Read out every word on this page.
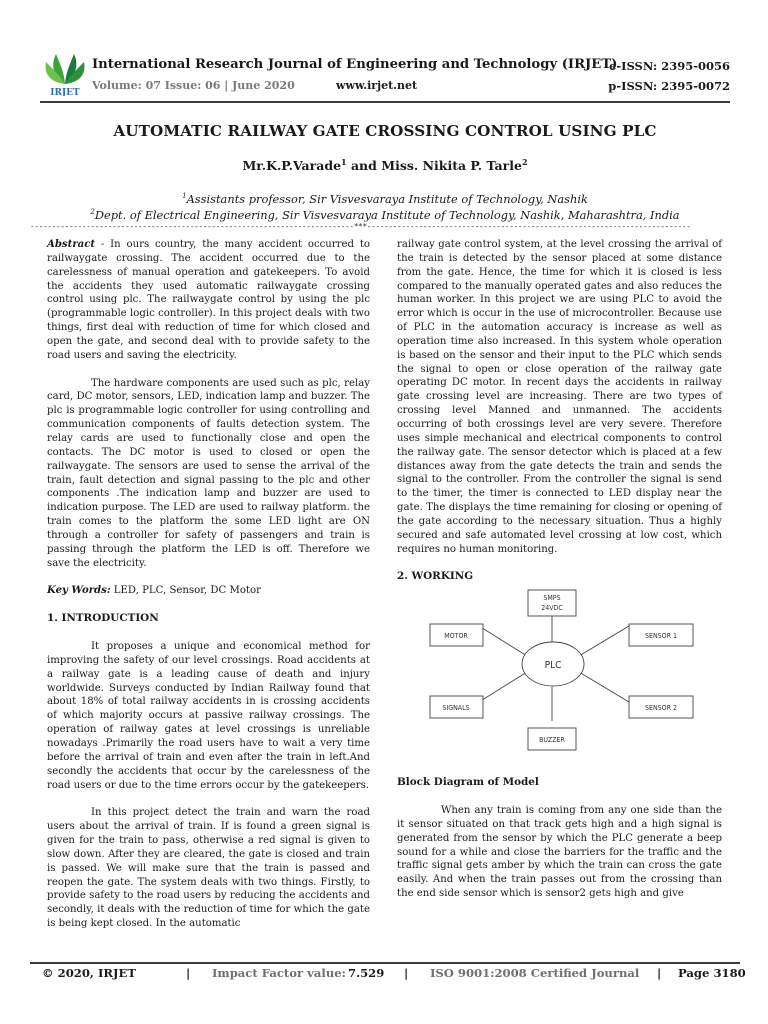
IRJET
International Research Journal of Engineering and Technology (IRJET)
e-ISSN: 2395-0056
Volume: 07 Issue: 06 | June 2020	www.irjet.net	p-ISSN: 2395-0072
AUTOMATIC RAILWAY GATE CROSSING CONTROL USING PLC
Mr.K.P.Varade$^1$ and Miss. Nikita P. Tarle$^2$
$^1$Assistants professor, Sir Visvesvaraya Institute of Technology, Nashik
$^2$Dept. of Electrical Engineering, Sir Visvesvaraya Institute of Technology, Nashik, Maharashtra, India
---------------------------------------------------------------------------***---------------------------------------------------------------------------

Abstract - In ours country, the many accident occurred to railwaygate crossing. The accident occurred due to the carelessness of manual operation and gatekeepers. To avoid the accidents they used automatic railwaygate crossing control using plc. The railwaygate control by using the plc (programmable logic controller). In this project deals with two things, first deal with reduction of time for which closed and open the gate, and second deal with to provide safety to the road users and saving the electricity.

The hardware components are used such as plc, relay card, DC motor, sensors, LED, indication lamp and buzzer. The plc is programmable logic controller for using controlling and communication components of faults detection system. The relay cards are used to functionally close and open the contacts. The DC motor is used to closed or open the railwaygate. The sensors are used to sense the arrival of the train, fault detection and signal passing to the plc and other components .The indication lamp and buzzer are used to indication purpose. The LED are used to railway platform. the train comes to the platform the some LED light are ON through a controller for safety of passengers and train is passing through the platform the LED is off. Therefore we save the electricity.

Key Words: LED, PLC, Sensor, DC Motor

1. INTRODUCTION

It proposes a unique and economical method for improving the safety of our level crossings. Road accidents at a railway gate is a leading cause of death and injury worldwide. Surveys conducted by Indian Railway found that about 18% of total railway accidents in is crossing accidents of which majority occurs at passive railway crossings. The operation of railway gates at level crossings is unreliable nowadays .Primarily the road users have to wait a very time before the arrival of train and even after the train in left.And secondly the accidents that occur by the carelessness of the road users or due to the time errors occur by the gatekeepers.

In this project detect the train and warn the road users about the arrival of train. If is found a green signal is given for the train to pass, otherwise a red signal is given to slow down. After they are cleared, the gate is closed and train is passed. We will make sure that the train is passed and reopen the gate. The system deals with two things. Firstly, to provide safety to the road users by reducing the accidents and secondly, it deals with the reduction of time for which the gate is being kept closed. In the automatic

railway gate control system, at the level crossing the arrival of the train is detected by the sensor placed at some distance from the gate. Hence, the time for which it is closed is less compared to the manually operated gates and also reduces the human worker. In this project we are using PLC to avoid the error which is occur in the use of microcontroller. Because use of PLC in the automation accuracy is increase as well as operation time also increased. In this system whole operation is based on the sensor and their input to the PLC which sends the signal to open or close operation of the railway gate operating DC motor. In recent days the accidents in railway gate crossing level are increasing. There are two types of crossing level Manned and unmanned. The accidents occurring of both crossings level are very severe. Therefore uses simple mechanical and electrical components to control the railway gate. The sensor detector which is placed at a few distances away from the gate detects the train and sends the signal to the controller. From the controller the signal is send to the timer, the timer is connected to LED display near the gate. The displays the time remaining for closing or opening of the gate according to the necessary situation. Thus a highly secured and safe automated level crossing at low cost, which requires no human monitoring.

2. WORKING

SMPS
24VDC
MOTOR	SENSOR 1
SIGNALS	SENSOR 2
BUZZER
PLC

Block Diagram of Model

When any train is coming from any one side than the it sensor situated on that track gets high and a high signal is generated from the sensor by which the PLC generate a beep sound for a while and close the barriers for the traffic and the traffic signal gets amber by which the train can cross the gate easily. And when the train passes out from the crossing than the end side sensor which is sensor2 gets high and give

© 2020, IRJET	| Impact Factor value: 7.529 | ISO 9001:2008 Certified Journal | Page 3180
